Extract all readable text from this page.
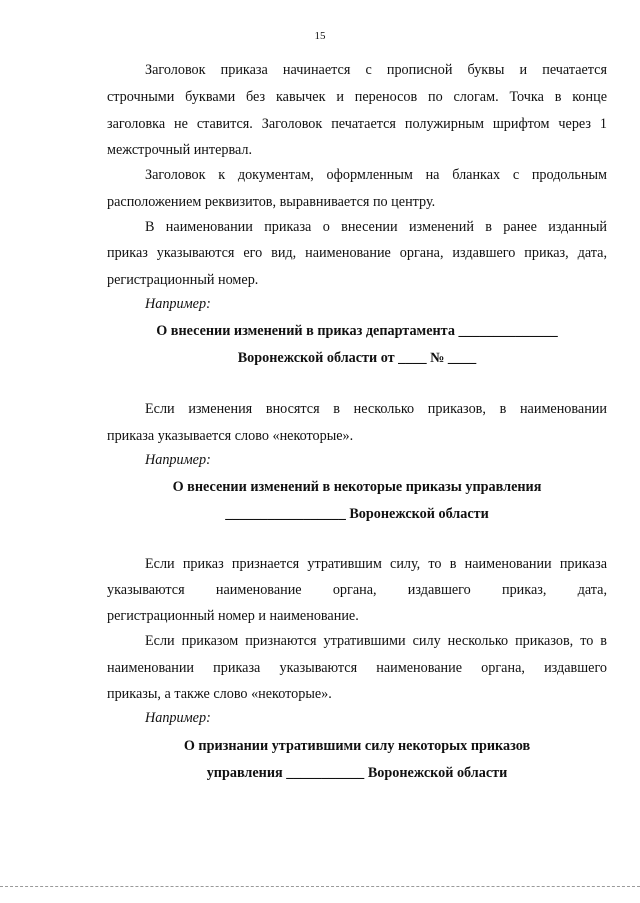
15
Заголовок приказа начинается с прописной буквы и печатается
строчными буквами без кавычек и переносов по слогам. Точка в конце
заголовка не ставится. Заголовок печатается полужирным шрифтом через 1
межстрочный интервал.
Заголовок к документам, оформленным на бланках с продольным
расположением реквизитов, выравнивается по центру.
В наименовании приказа о внесении изменений в ранее изданный
приказ указываются его вид, наименование органа, издавшего приказ, дата,
регистрационный номер.
Например:
О внесении изменений в приказ департамента ______________
Воронежской области от ____ № ____
Если изменения вносятся в несколько приказов, в наименовании
приказа указывается слово «некоторые».
Например:
О внесении изменений в некоторые приказы управления
_________________ Воронежской области
Если приказ признается утратившим силу, то в наименовании приказа
указываются наименование органа, издавшего приказ, дата,
регистрационный номер и наименование.
Если приказом признаются утратившими силу несколько приказов, то в
наименовании приказа указываются наименование органа, издавшего
приказы, а также слово «некоторые».
Например:
О признании утратившими силу некоторых приказов
управления ___________ Воронежской области
